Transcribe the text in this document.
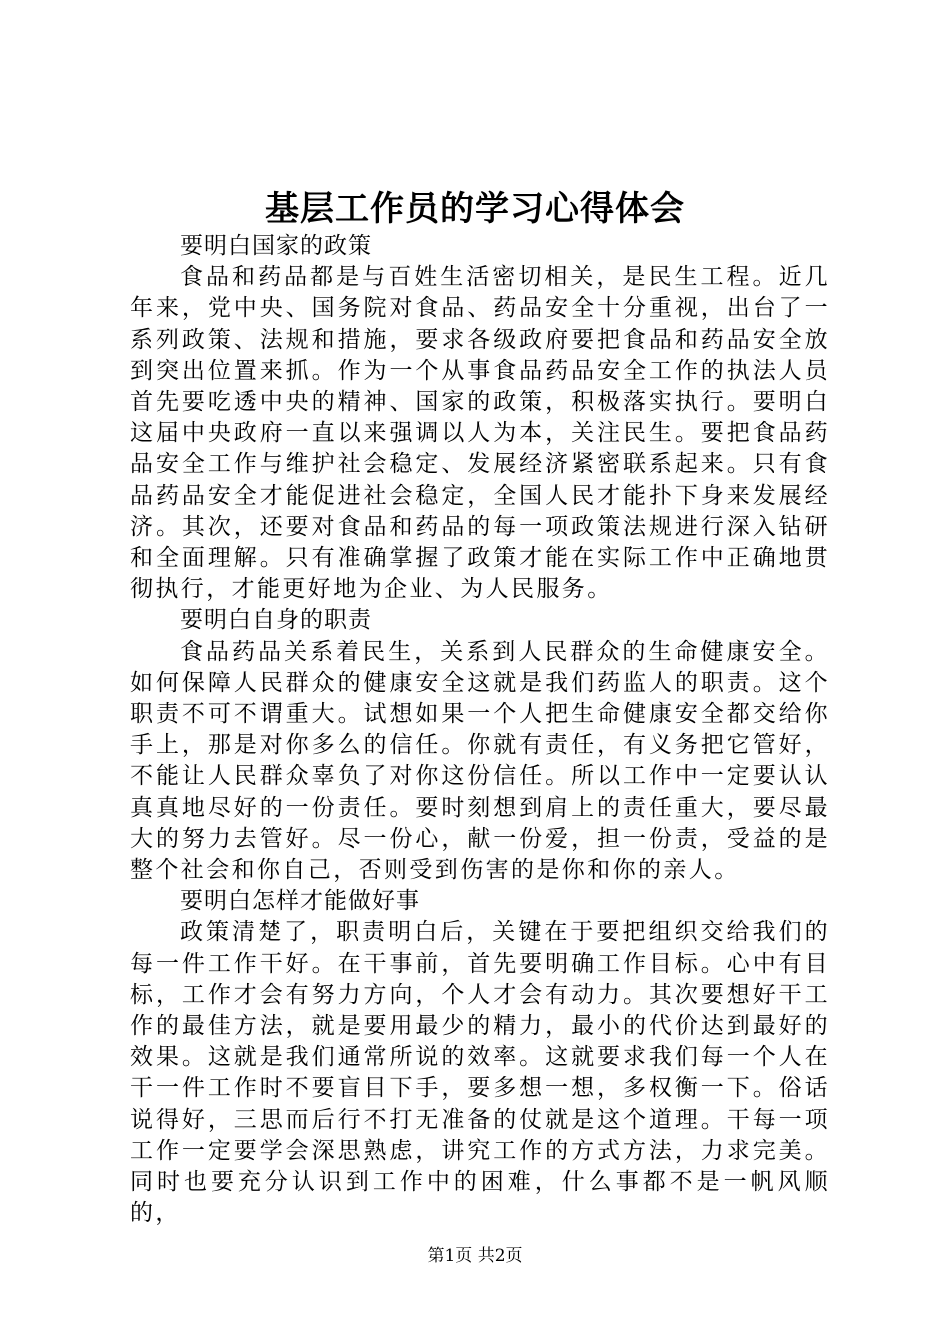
基层工作员的学习心得体会

要明白国家的政策

食品和药品都是与百姓生活密切相关，是民生工程。近几年来，党中央、国务院对食品、药品安全十分重视，出台了一系列政策、法规和措施，要求各级政府要把食品和药品安全放到突出位置来抓。作为一个从事食品药品安全工作的执法人员首先要吃透中央的精神、国家的政策，积极落实执行。要明白这届中央政府一直以来强调以人为本，关注民生。要把食品药品安全工作与维护社会稳定、发展经济紧密联系起来。只有食品药品安全才能促进社会稳定，全国人民才能扑下身来发展经济。其次，还要对食品和药品的每一项政策法规进行深入钻研和全面理解。只有准确掌握了政策才能在实际工作中正确地贯彻执行，才能更好地为企业、为人民服务。

要明白自身的职责

食品药品关系着民生，关系到人民群众的生命健康安全。如何保障人民群众的健康安全这就是我们药监人的职责。这个职责不可不谓重大。试想如果一个人把生命健康安全都交给你手上，那是对你多么的信任。你就有责任，有义务把它管好，不能让人民群众辜负了对你这份信任。所以工作中一定要认认真真地尽好的一份责任。要时刻想到肩上的责任重大，要尽最大的努力去管好。尽一份心，献一份爱，担一份责，受益的是整个社会和你自己，否则受到伤害的是你和你的亲人。

要明白怎样才能做好事

政策清楚了，职责明白后，关键在于要把组织交给我们的每一件工作干好。在干事前，首先要明确工作目标。心中有目标，工作才会有努力方向，个人才会有动力。其次要想好干工作的最佳方法，就是要用最少的精力，最小的代价达到最好的效果。这就是我们通常所说的效率。这就要求我们每一个人在干一件工作时不要盲目下手，要多想一想，多权衡一下。俗话说得好，三思而后行不打无准备的仗就是这个道理。干每一项工作一定要学会深思熟虑，讲究工作的方式方法，力求完美。同时也要充分认识到工作中的困难，什么事都不是一帆风顺的，

第1页 共2页
